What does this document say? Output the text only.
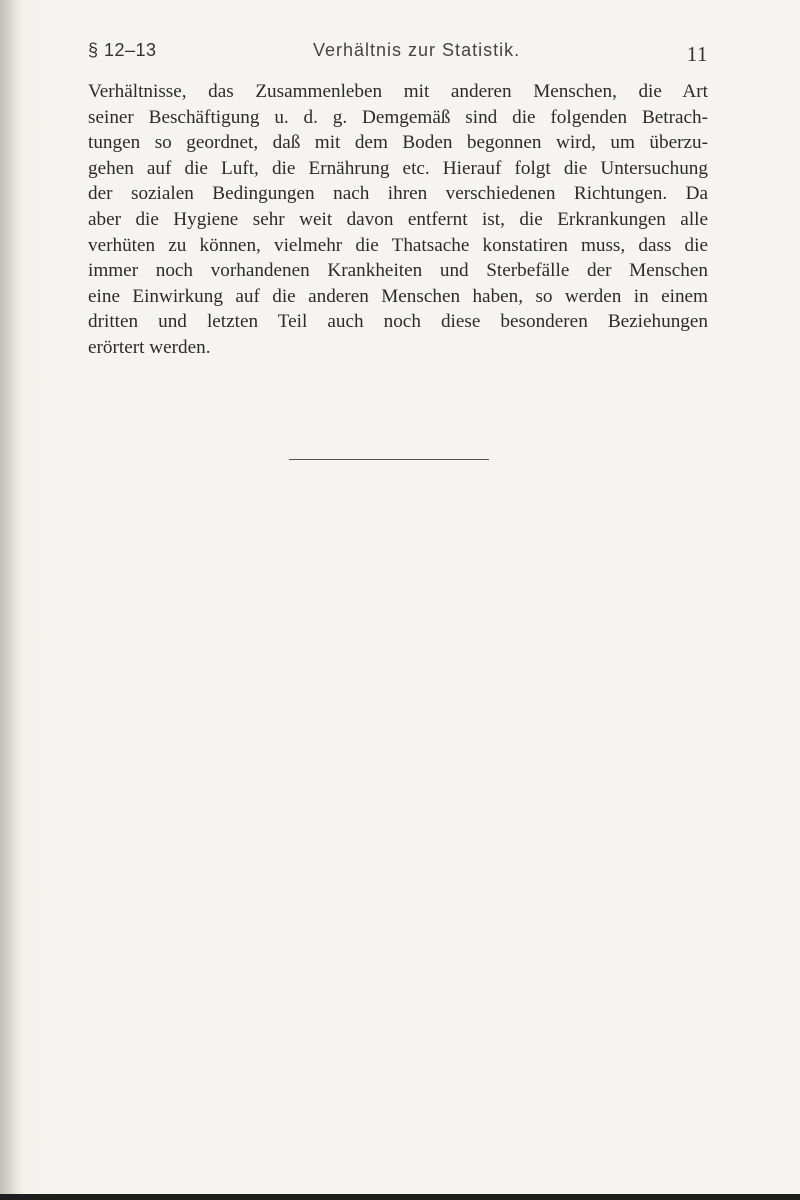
§ 12–13	Verhältnis zur Statistik.	11
Verhältnisse, das Zusammenleben mit anderen Menschen, die Art
seiner Beschäftigung u. d. g. Demgemäß sind die folgenden Betrach-
tungen so geordnet, daß mit dem Boden begonnen wird, um überzu-
gehen auf die Luft, die Ernährung etc. Hierauf folgt die Untersuchung
der sozialen Bedingungen nach ihren verschiedenen Richtungen. Da
aber die Hygiene sehr weit davon entfernt ist, die Erkrankungen alle
verhüten zu können, vielmehr die Thatsache konstatiren muss, dass die
immer noch vorhandenen Krankheiten und Sterbefälle der Menschen
eine Einwirkung auf die anderen Menschen haben, so werden in einem
dritten und letzten Teil auch noch diese besonderen Beziehungen
erörtert werden.
